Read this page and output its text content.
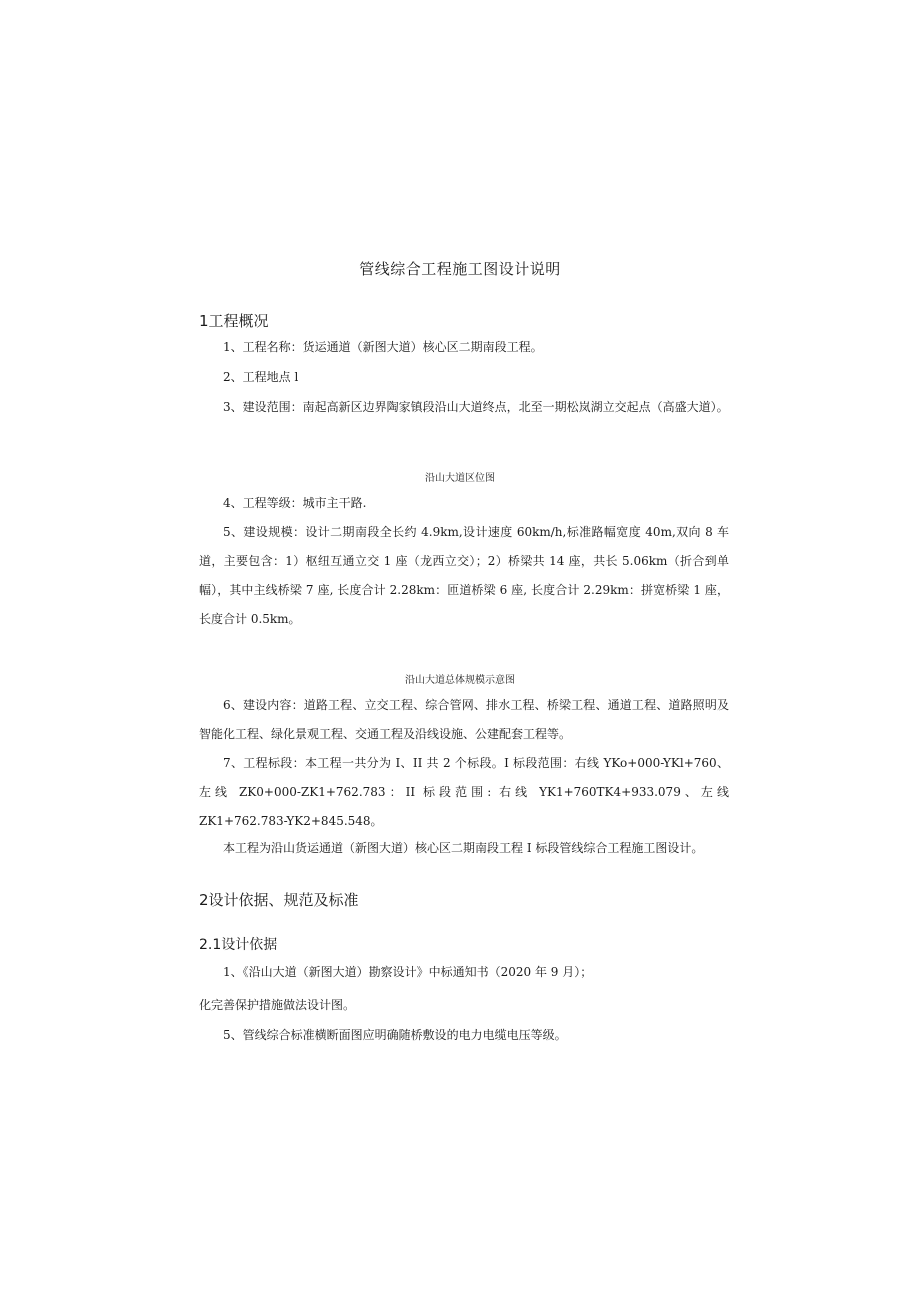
管线综合工程施工图设计说明
1工程概况
1、工程名称：货运通道（新图大道）核心区二期南段工程。
2、工程地点 l
3、建设范围：南起高新区边界陶家镇段沿山大道终点，北至一期松岚湖立交起点（高盛大道）。
沿山大道区位图
4、工程等级：城市主干路.
5、建设规模：设计二期南段全长约 4.9km,设计速度 60km∕h,标准路幅宽度 40m,双向 8 车道，主要包含：1）枢纽互通立交 1 座（龙西立交）；2）桥梁共 14 座，共长 5.06km（折合到单幅），其中主线桥梁 7 座, 长度合计 2.28km：匝道桥梁 6 座, 长度合计 2.29km：拼宽桥梁 1 座，长度合计 0.5km。
沿山大道总体规模示意图
6、建设内容：道路工程、立交工程、综合管网、排水工程、桥梁工程、通道工程、道路照明及智能化工程、绿化景观工程、交通工程及沿线设施、公建配套工程等。
7、工程标段：本工程一共分为 I、II 共 2 个标段。I 标段范围：右线 YKo+000-YKl+760、左线 ZK0+000-ZK1+762.783：II 标段范围: 右线 YK1+760TK4+933.079、左线 ZK1+762.783-YK2+845.548。
本工程为沿山货运通道（新图大道）核心区二期南段工程 I 标段管线综合工程施工图设计。
2设计依据、规范及标准
2.1设计依据
1、《沿山大道（新图大道）勘察设计》中标通知书（2020 年 9 月）；
化完善保护措施做法设计图。
5、管线综合标准横断面图应明确随桥敷设的电力电缆电压等级。
